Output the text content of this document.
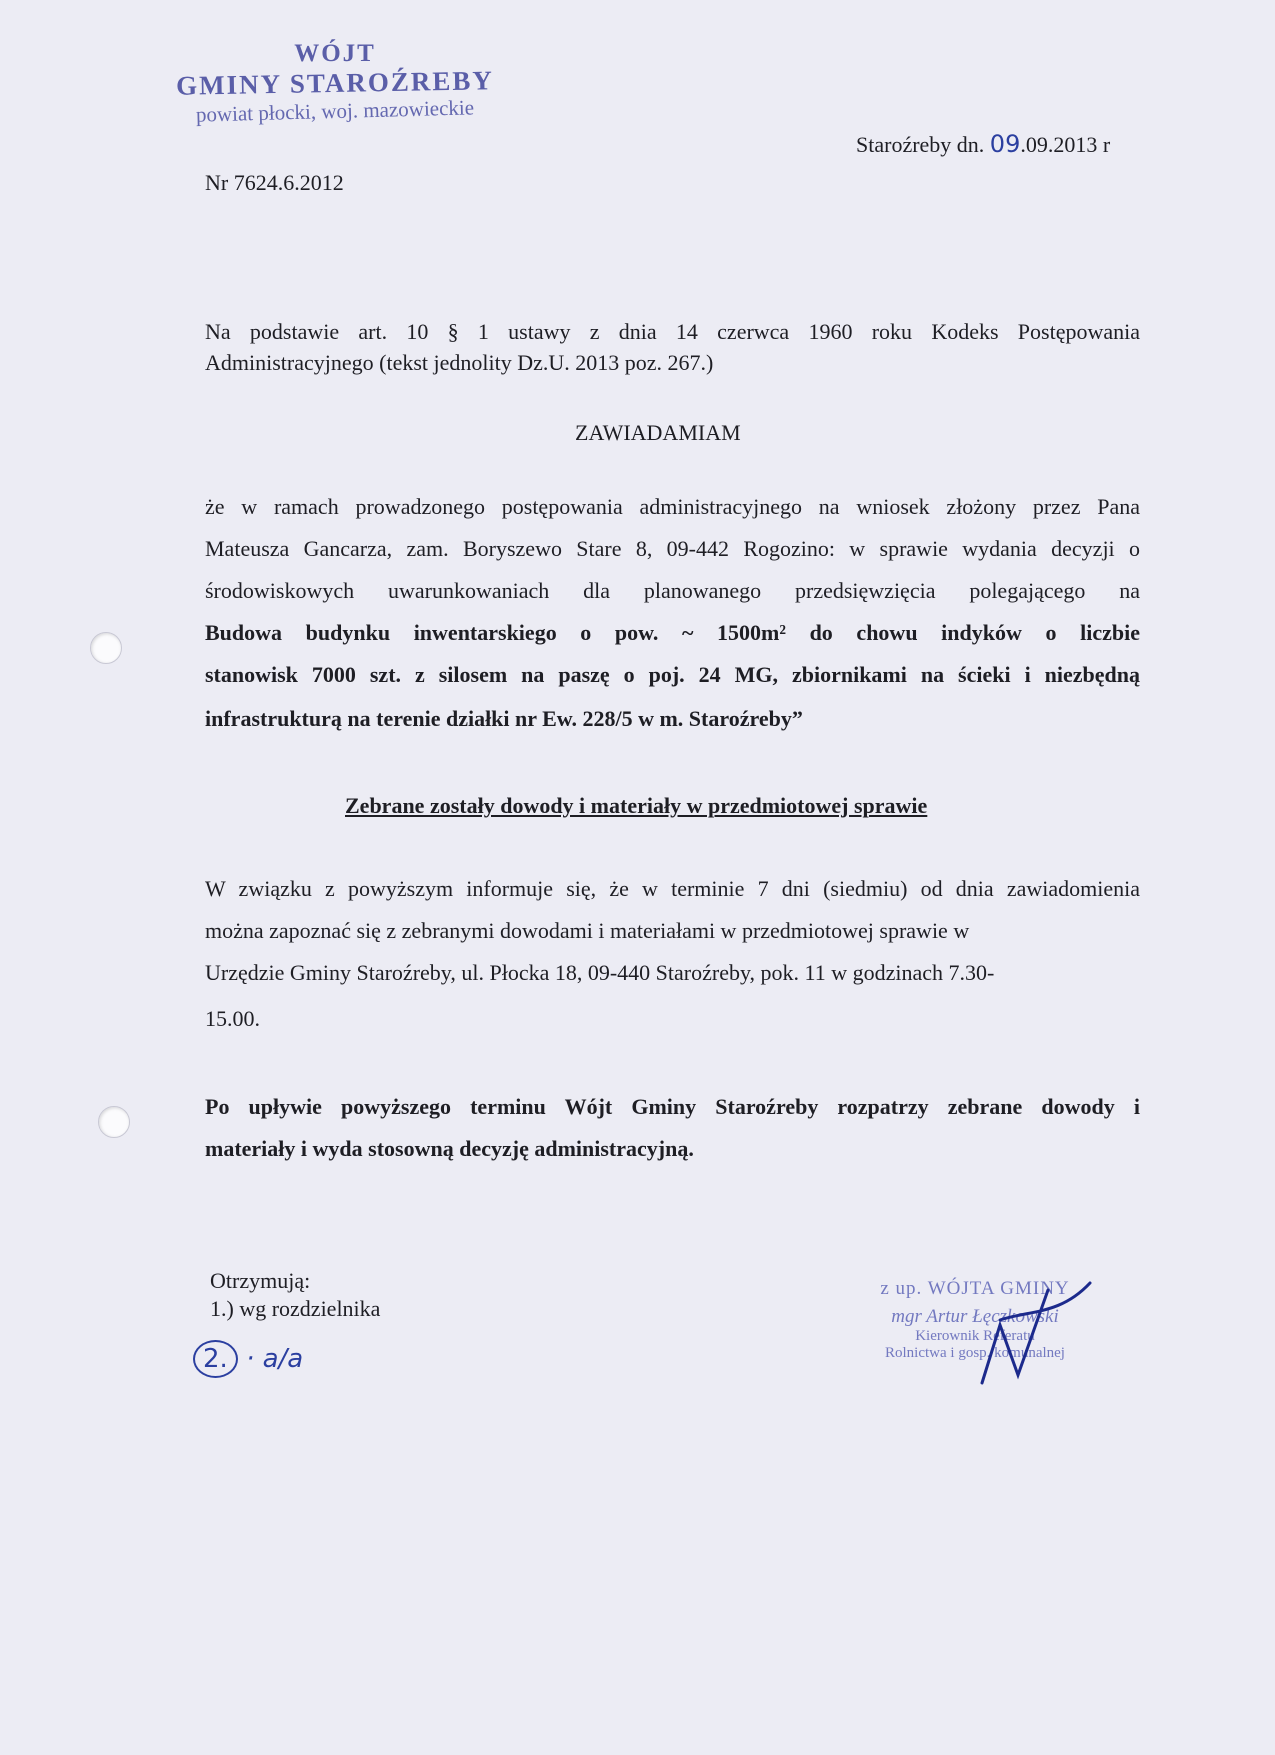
WÓJT
GMINY STAROŹREBY
powiat płocki, woj. mazowieckie
Staroźreby dn. 09.09.2013 r
Nr 7624.6.2012
Na podstawie art. 10 § 1 ustawy z dnia 14 czerwca 1960 roku Kodeks Postępowania
Administracyjnego (tekst jednolity Dz.U. 2013 poz. 267.)
ZAWIADAMIAM
że w ramach prowadzonego postępowania administracyjnego na wniosek złożony przez Pana
Mateusza Gancarza, zam. Boryszewo Stare 8, 09-442 Rogozino: w sprawie wydania decyzji o
środowiskowych uwarunkowaniach dla planowanego przedsięwzięcia polegającego na
Budowa budynku inwentarskiego o pow. ~ 1500m² do chowu indyków o liczbie
stanowisk 7000 szt. z silosem na paszę o poj. 24 MG, zbiornikami na ścieki i niezbędną
infrastrukturą na terenie działki nr Ew. 228/5 w m. Staroźreby”
Zebrane zostały dowody i materiały w przedmiotowej sprawie
W związku z powyższym informuje się, że w terminie 7 dni (siedmiu) od dnia zawiadomienia
można zapoznać się z zebranymi dowodami i materiałami w przedmiotowej sprawie w
Urzędzie Gminy Staroźreby, ul. Płocka 18, 09-440 Staroźreby, pok. 11 w godzinach 7.30-
15.00.
Po upływie powyższego terminu Wójt Gminy Staroźreby rozpatrzy zebrane dowody i
materiały i wyda stosowną decyzję administracyjną.
Otrzymują:
1.) wg rozdzielnika
2. · a/a
z up. WÓJTA GMINY
mgr Artur Łęczkowski
Kierownik Referatu
Rolnictwa i gosp. komunalnej
